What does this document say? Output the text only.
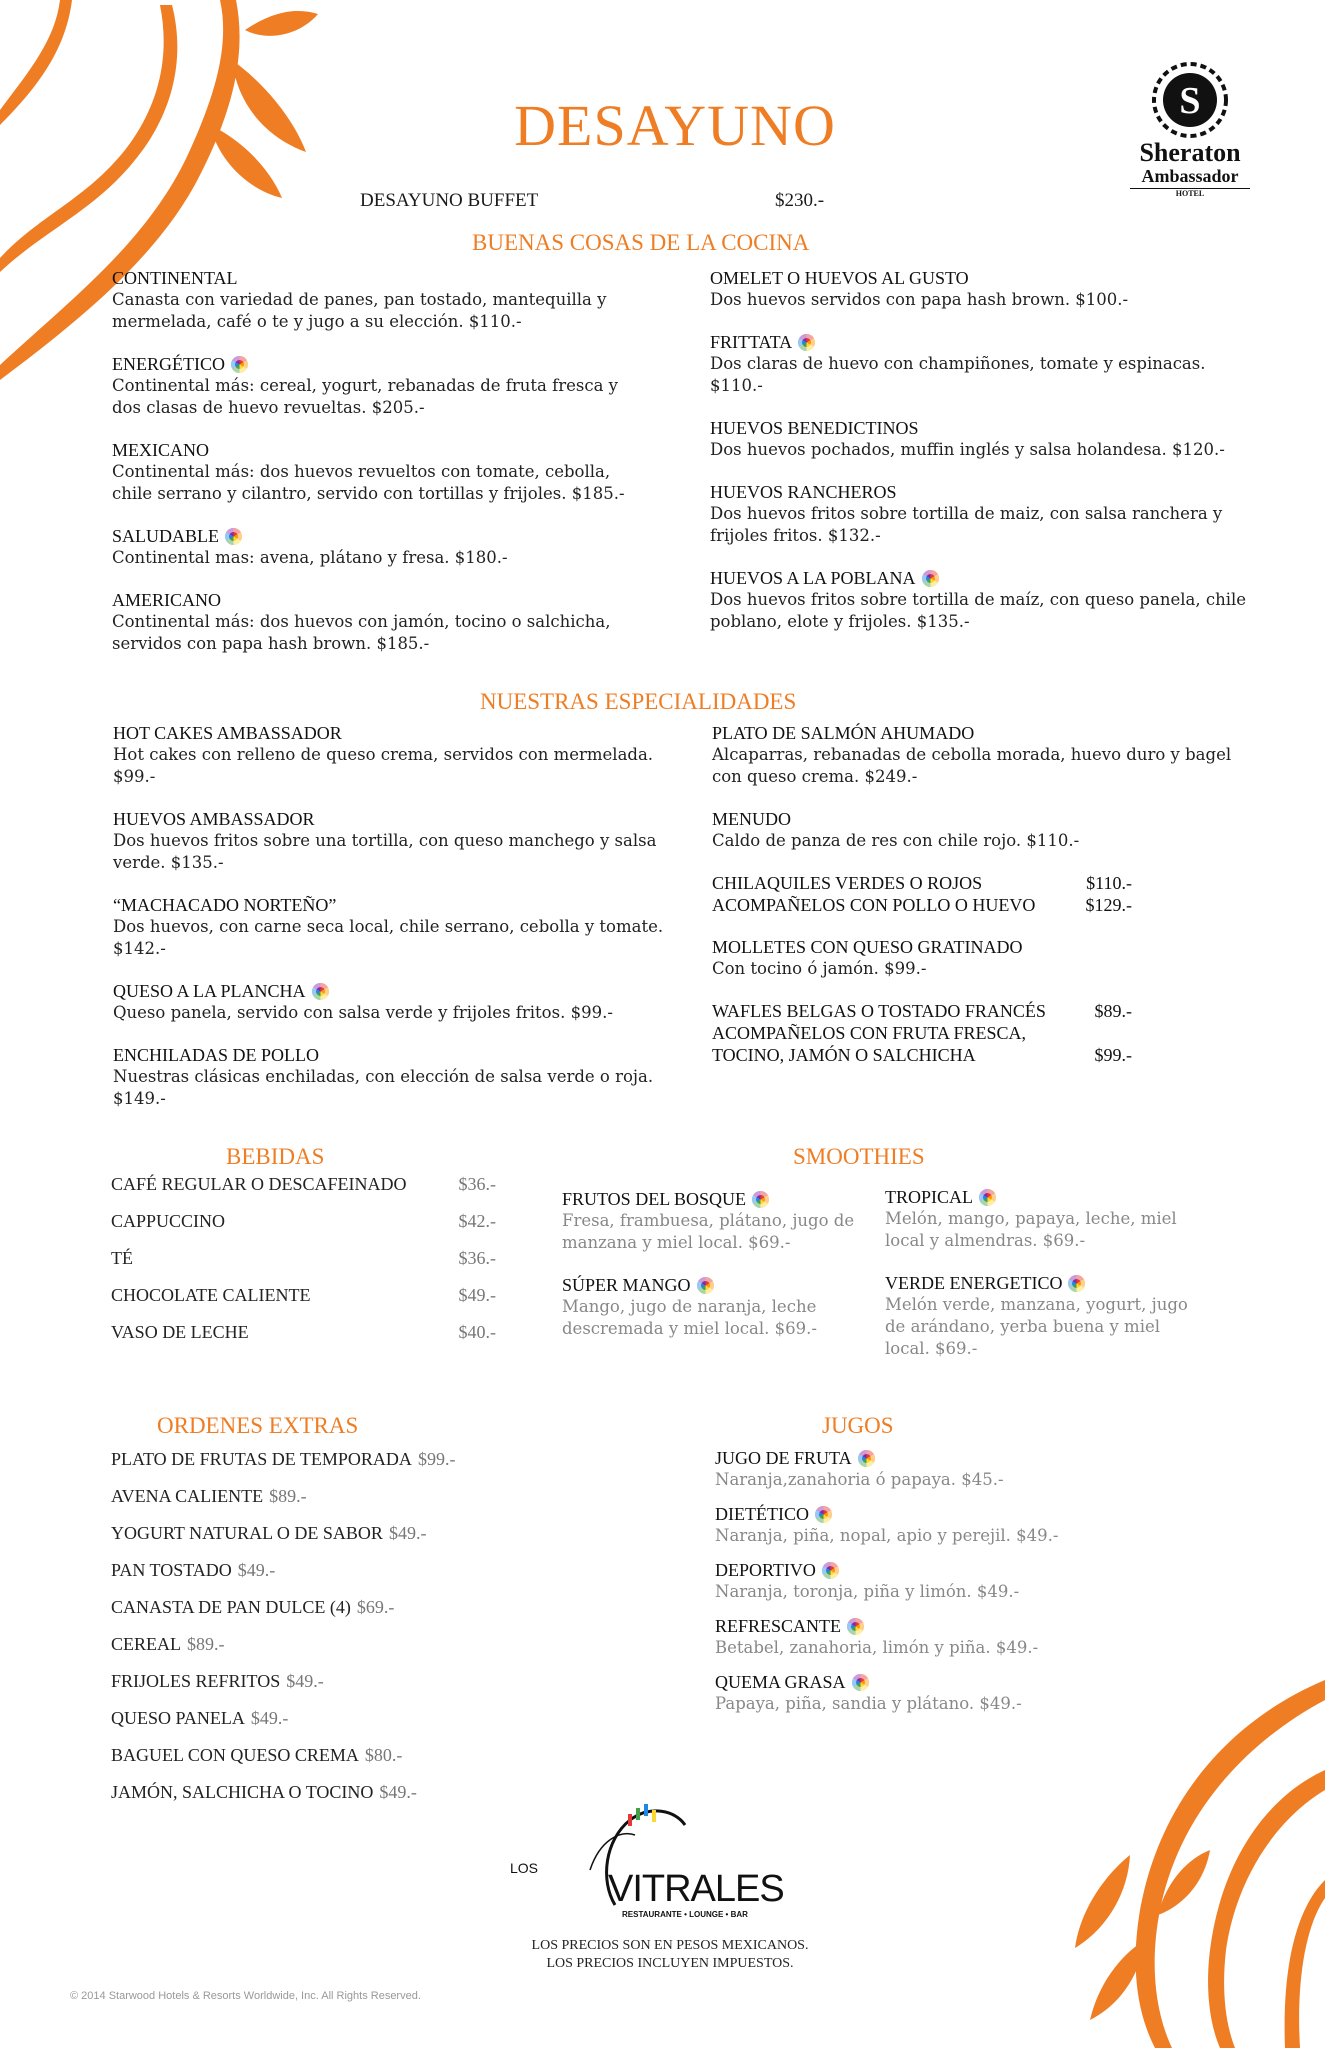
DESAYUNO	S
Sheraton
Ambassador
HOTEL
DESAYUNO BUFFET	$230.-
BUENAS COSAS DE LA COCINA
CONTINENTAL
Canasta con variedad de panes, pan tostado, mantequilla y mermelada, café o te y jugo a su elección. $110.-
ENERGÉTICO
Continental más: cereal, yogurt, rebanadas de fruta fresca y dos clasas de huevo revueltas. $205.-
MEXICANO
Continental más: dos huevos revueltos con tomate, cebolla, chile serrano y cilantro, servido con tortillas y frijoles. $185.-
SALUDABLE
Continental mas: avena, plátano y fresa. $180.-
AMERICANO
Continental más: dos huevos con jamón, tocino o salchicha, servidos con papa hash brown. $185.-
OMELET O HUEVOS AL GUSTO
Dos huevos servidos con papa hash brown. $100.-
FRITTATA
Dos claras de huevo con champiñones, tomate y espinacas. $110.-
HUEVOS BENEDICTINOS
Dos huevos pochados, muffin inglés y salsa holandesa. $120.-
HUEVOS RANCHEROS
Dos huevos fritos sobre tortilla de maiz, con salsa ranchera y frijoles fritos. $132.-
HUEVOS A LA POBLANA
Dos huevos fritos sobre tortilla de maíz, con queso panela, chile poblano, elote y frijoles. $135.-
NUESTRAS ESPECIALIDADES
HOT CAKES AMBASSADOR
Hot cakes con relleno de queso crema, servidos con mermelada. $99.-
HUEVOS AMBASSADOR
Dos huevos fritos sobre una tortilla, con queso manchego y salsa verde. $135.-
“MACHACADO NORTEÑO”
Dos huevos, con carne seca local, chile serrano, cebolla y tomate. $142.-
QUESO A LA PLANCHA
Queso panela, servido con salsa verde y frijoles fritos. $99.-
ENCHILADAS DE POLLO
Nuestras clásicas enchiladas, con elección de salsa verde o roja. $149.-
PLATO DE SALMÓN AHUMADO
Alcaparras, rebanadas de cebolla morada, huevo duro y bagel con queso crema. $249.-
MENUDO
Caldo de panza de res con chile rojo. $110.-
CHILAQUILES VERDES O ROJOS	$110.-
ACOMPAÑELOS CON POLLO O HUEVO	$129.-
MOLLETES CON QUESO GRATINADO
Con tocino ó jamón. $99.-
WAFLES BELGAS O TOSTADO FRANCÉS	$89.-
ACOMPAÑELOS CON FRUTA FRESCA,
TOCINO, JAMÓN O SALCHICHA	$99.-
BEBIDAS
CAFÉ REGULAR O DESCAFEINADO	$36.-
CAPPUCCINO	$42.-
TÉ	$36.-
CHOCOLATE CALIENTE	$49.-
VASO DE LECHE	$40.-
SMOOTHIES
FRUTOS DEL BOSQUE
Fresa, frambuesa, plátano, jugo de manzana y miel local. $69.-
SÚPER MANGO
Mango, jugo de naranja, leche descremada y miel local. $69.-
TROPICAL
Melón, mango, papaya, leche, miel local y almendras. $69.-
VERDE ENERGETICO
Melón verde, manzana, yogurt, jugo de arándano, yerba buena y miel local. $69.-
ORDENES EXTRAS
PLATO DE FRUTAS DE TEMPORADA $99.-
AVENA CALIENTE $89.-
YOGURT NATURAL O DE SABOR $49.-
PAN TOSTADO $49.-
CANASTA DE PAN DULCE (4) $69.-
CEREAL $89.-
FRIJOLES REFRITOS $49.-
QUESO PANELA $49.-
BAGUEL CON QUESO CREMA $80.-
JAMÓN, SALCHICHA O TOCINO $49.-
JUGOS
JUGO DE FRUTA
Naranja,zanahoria ó papaya. $45.-
DIETÉTICO
Naranja, piña, nopal, apio y perejil. $49.-
DEPORTIVO
Naranja, toronja, piña y limón. $49.-
REFRESCANTE
Betabel, zanahoria, limón y piña. $49.-
QUEMA GRASA
Papaya, piña, sandia y plátano. $49.-
LOS VITRALES
RESTAURANTE • LOUNGE • BAR
LOS PRECIOS SON EN PESOS MEXICANOS.
LOS PRECIOS INCLUYEN IMPUESTOS.
© 2014 Starwood Hotels & Resorts Worldwide, Inc. All Rights Reserved.
